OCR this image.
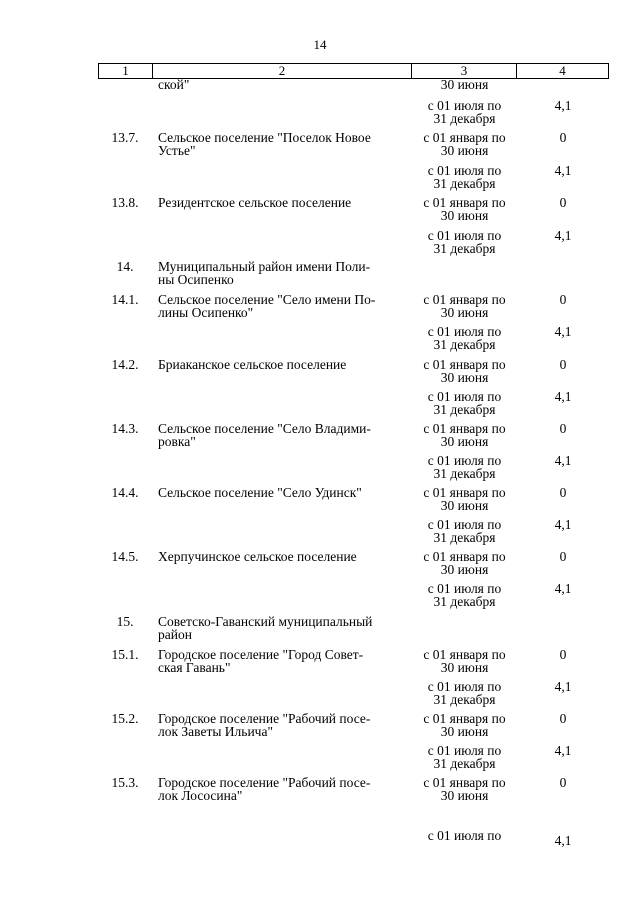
14
1	2	3	4
ской"	30 июня
с 01 июля по
31 декабря
4,1
13.7.	Сельское поселение "Поселок Новое
Устье"
с 01 января по
30 июня
0
с 01 июля по
31 декабря
4,1
13.8.	Резидентское сельское поселение	с 01 января по
30 июня
0
с 01 июля по
31 декабря
4,1
14.	Муниципальный район имени Поли-
ны Осипенко
14.1.	Сельское поселение "Село имени По-
лины Осипенко"
с 01 января по
30 июня
0
с 01 июля по
31 декабря
4,1
14.2.	Бриаканское сельское поселение	с 01 января по
30 июня
0
с 01 июля по
31 декабря
4,1
14.3.	Сельское поселение "Село Владими-
ровка"
с 01 января по
30 июня
0
с 01 июля по
31 декабря
4,1
14.4.	Сельское поселение "Село Удинск"	с 01 января по
30 июня
0
с 01 июля по
31 декабря
4,1
14.5.	Херпучинское сельское поселение	с 01 января по
30 июня
0
с 01 июля по
31 декабря
4,1
15.	Советско-Гаванский муниципальный
район
15.1.	Городское поселение "Город Совет-
ская Гавань"
с 01 января по
30 июня
0
с 01 июля по
31 декабря
4,1
15.2.	Городское поселение "Рабочий посе-
лок Заветы Ильича"
с 01 января по
30 июня
0
с 01 июля по
31 декабря
4,1
15.3.	Городское поселение "Рабочий посе-
лок Лососина"
с 01 января по
30 июня
0
с 01 июля по	4,1
